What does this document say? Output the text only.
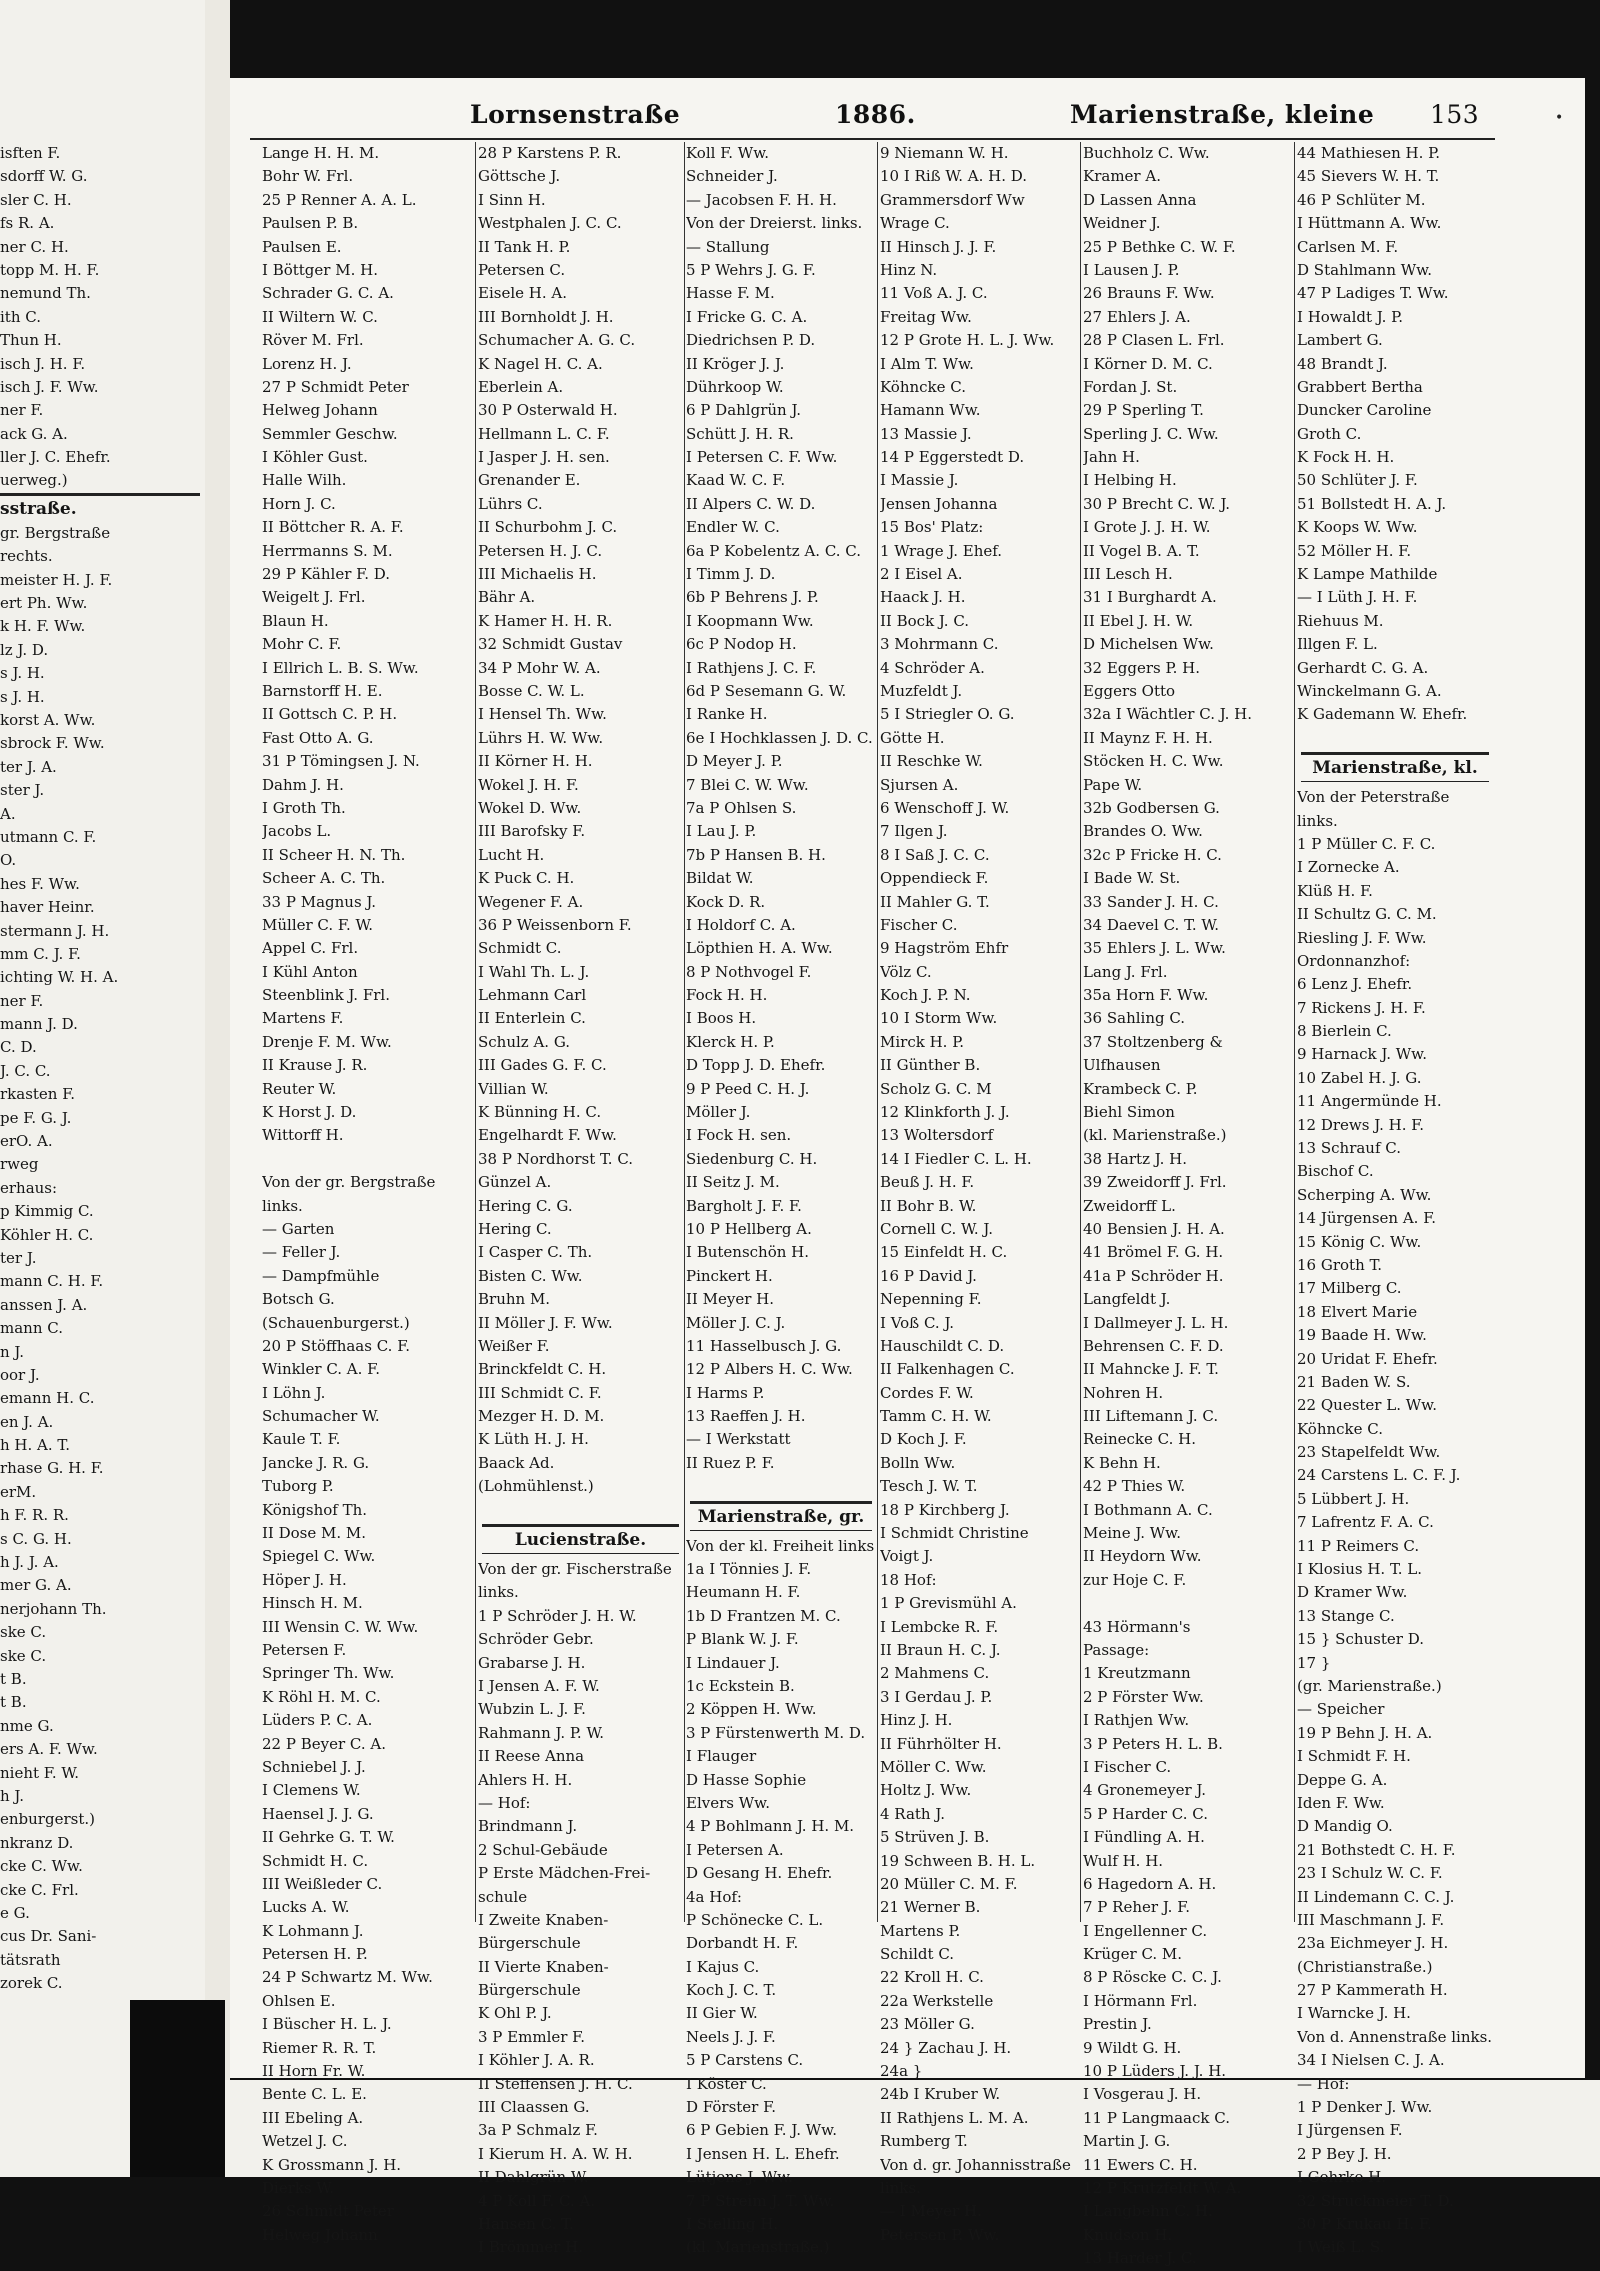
isften F.
sdorff W. G.
sler C. H.
fs R. A.
ner C. H.
topp M. H. F.
nemund Th.
ith C.
Thun H.
isch J. H. F.
isch J. F. Ww.
ner F.
ack G. A.
ller J. C. Ehefr.
uerweg.)
sstraße.
gr. Bergstraße
rechts.
meister H. J. F.
ert Ph. Ww.
k H. F. Ww.
lz J. D.
s J. H.
s J. H.
korst A. Ww.
sbrock F. Ww.
ter J. A.
ster J.
A.
utmann C. F.
O.
hes F. Ww.
haver Heinr.
stermann J. H.
mm C. J. F.
ichting W. H. A.
ner F.
mann J. D.
C. D.
J. C. C.
rkasten F.
pe F. G. J.
erO. A.
rweg
erhaus:
p Kimmig C.
Köhler H. C.
ter J.
mann C. H. F.
anssen J. A.
mann C.
n J.
oor J.
emann H. C.
en J. A.
h H. A. T.
rhase G. H. F.
erM.
h F. R. R.
s C. G. H.
h J. J. A.
mer G. A.
nerjohann Th.
ske C.
ske C.
t B.
t B.
nme G.
ers A. F. Ww.
nieht F. W.
h J.
enburgerst.)
nkranz D.
cke C. Ww.
cke C. Frl.
e G.
cus Dr. Sani-
tätsrath
zorek C.
Lornsenstraße	1886.	Marienstraße, kleine 153	•
Lange H. H. M.
Bohr W. Frl.
25 P Renner A. A. L.
Paulsen P. B.
Paulsen E.
I Böttger M. H.
Schrader G. C. A.
II Wiltern W. C.
Röver M. Frl.
Lorenz H. J.
27 P Schmidt Peter
Helweg Johann
Semmler Geschw.
I Köhler Gust.
Halle Wilh.
Horn J. C.
II Böttcher R. A. F.
Herrmanns S. M.
29 P Kähler F. D.
Weigelt J. Frl.
Blaun H.
Mohr C. F.
I Ellrich L. B. S. Ww.
Barnstorff H. E.
II Gottsch C. P. H.
Fast Otto A. G.
31 P Tömingsen J. N.
Dahm J. H.
I Groth Th.
Jacobs L.
II Scheer H. N. Th.
Scheer A. C. Th.
33 P Magnus J.
Müller C. F. W.
Appel C. Frl.
I Kühl Anton
Steenblink J. Frl.
Martens F.
Drenje F. M. Ww.
II Krause J. R.
Reuter W.
K Horst J. D.
Wittorff H.
Von der gr. Bergstraße
links.
— Garten
— Feller J.
— Dampfmühle
Botsch G.
(Schauenburgerst.)
20 P Stöffhaas C. F.
Winkler C. A. F.
I Löhn J.
Schumacher W.
Kaule T. F.
Jancke J. R. G.
Tuborg P.
Königshof Th.
II Dose M. M.
Spiegel C. Ww.
Höper J. H.
Hinsch H. M.
III Wensin C. W. Ww.
Petersen F.
Springer Th. Ww.
K Röhl H. M. C.
Lüders P. C. A.
22 P Beyer C. A.
Schniebel J. J.
I Clemens W.
Haensel J. J. G.
II Gehrke G. T. W.
Schmidt H. C.
III Weißleder C.
Lucks A. W.
K Lohmann J.
Petersen H. P.
24 P Schwartz M. Ww.
Ohlsen E.
I Büscher H. L. J.
Riemer R. R. T.
II Horn Fr. W.
Bente C. L. E.
III Ebeling A.
Wetzel J. C.
K Grossmann J. H.
Dierks W.
26 Schmidt Peter
Helweg Johann
28 P Karstens P. R.
Göttsche J.
I Sinn H.
Westphalen J. C. C.
II Tank H. P.
Petersen C.
Eisele H. A.
III Bornholdt J. H.
Schumacher A. G. C.
K Nagel H. C. A.
Eberlein A.
30 P Osterwald H.
Hellmann L. C. F.
I Jasper J. H. sen.
Grenander E.
Lührs C.
II Schurbohm J. C.
Petersen H. J. C.
III Michaelis H.
Bähr A.
K Hamer H. H. R.
32 Schmidt Gustav
34 P Mohr W. A.
Bosse C. W. L.
I Hensel Th. Ww.
Lührs H. W. Ww.
II Körner H. H.
Wokel J. H. F.
Wokel D. Ww.
III Barofsky F.
Lucht H.
K Puck C. H.
Wegener F. A.
36 P Weissenborn F.
Schmidt C.
I Wahl Th. L. J.
Lehmann Carl
II Enterlein C.
Schulz A. G.
III Gades G. F. C.
Villian W.
K Bünning H. C.
Engelhardt F. Ww.
38 P Nordhorst T. C.
Günzel A.
Hering C. G.
Hering C.
I Casper C. Th.
Bisten C. Ww.
Bruhn M.
II Möller J. F. Ww.
Weißer F.
Brinckfeldt C. H.
III Schmidt C. F.
Mezger H. D. M.
K Lüth H. J. H.
Baack Ad.
(Lohmühlenst.)
Lucienstraße.
Von der gr. Fischerstraße
links.
1 P Schröder J. H. W.
Schröder Gebr.
Grabarse J. H.
I Jensen A. F. W.
Wubzin L. J. F.
Rahmann J. P. W.
II Reese Anna
Ahlers H. H.
— Hof:
Brindmann J.
2 Schul-Gebäude
P Erste Mädchen-Frei-
schule
I Zweite Knaben-
Bürgerschule
II Vierte Knaben-
Bürgerschule
K Ohl P. J.
3 P Emmler F.
I Köhler J. A. R.
II Steffensen J. H. C.
III Claassen G.
3a P Schmalz F.
I Kierum H. A. W. H.
II Dahlgrün W.
4 P Koll F. C. A.
Hansen C. T.
I Brömmer H.
Koll F. Ww.
Schneider J.
— Jacobsen F. H. H.
Von der Dreierst. links.
— Stallung
5 P Wehrs J. G. F.
Hasse F. M.
I Fricke G. C. A.
Diedrichsen P. D.
II Kröger J. J.
Dührkoop W.
6 P Dahlgrün J.
Schütt J. H. R.
I Petersen C. F. Ww.
Kaad W. C. F.
II Alpers C. W. D.
Endler W. C.
6a P Kobelentz A. C. C.
I Timm J. D.
6b P Behrens J. P.
I Koopmann Ww.
6c P Nodop H.
I Rathjens J. C. F.
6d P Sesemann G. W.
I Ranke H.
6e I Hochklassen J. D. C.
D Meyer J. P.
7 Blei C. W. Ww.
7a P Ohlsen S.
I Lau J. P.
7b P Hansen B. H.
Bildat W.
Kock D. R.
I Holdorf C. A.
Löpthien H. A. Ww.
8 P Nothvogel F.
Fock H. H.
I Boos H.
Klerck H. P.
D Topp J. D. Ehefr.
9 P Peed C. H. J.
Möller J.
I Fock H. sen.
Siedenburg C. H.
II Seitz J. M.
Bargholt J. F. F.
10 P Hellberg A.
I Butenschön H.
Pinckert H.
II Meyer H.
Möller J. C. J.
11 Hasselbusch J. G.
12 P Albers H. C. Ww.
I Harms P.
13 Raeffen J. H.
— I Werkstatt
II Ruez P. F.
Marienstraße, gr.
Von der kl. Freiheit links
1a I Tönnies J. F.
Heumann H. F.
1b D Frantzen M. C.
P Blank W. J. F.
I Lindauer J.
1c Eckstein B.
2 Köppen H. Ww.
3 P Fürstenwerth M. D.
I Flauger
D Hasse Sophie
Elvers Ww.
4 P Bohlmann J. H. M.
I Petersen A.
D Gesang H. Ehefr.
4a Hof:
P Schönecke C. L.
Dorbandt H. F.
I Kajus C.
Koch J. C. T.
II Gier W.
Neels J. J. F.
5 P Carstens C.
I Köster C.
D Förster F.
6 P Gebien F. J. Ww.
I Jensen H. L. Ehefr.
Lütjens J. Ww.
7 P Streim J. T. Ww.
I Stelling H.
(kl. Marienstraße.)
9 Niemann W. H.
10 I Riß W. A. H. D.
Grammersdorf Ww
Wrage C.
II Hinsch J. J. F.
Hinz N.
11 Voß A. J. C.
Freitag Ww.
12 P Grote H. L. J. Ww.
I Alm T. Ww.
Köhncke C.
Hamann Ww.
13 Massie J.
14 P Eggerstedt D.
I Massie J.
Jensen Johanna
15 Bos' Platz:
1 Wrage J. Ehef.
2 I Eisel A.
Haack J. H.
II Bock J. C.
3 Mohrmann C.
4 Schröder A.
Muzfeldt J.
5 I Striegler O. G.
Götte H.
II Reschke W.
Sjursen A.
6 Wenschoff J. W.
7 Ilgen J.
8 I Saß J. C. C.
Oppendieck F.
II Mahler G. T.
Fischer C.
9 Hagström Ehfr
Völz C.
Koch J. P. N.
10 I Storm Ww.
Mirck H. P.
II Günther B.
Scholz G. C. M
12 Klinkforth J. J.
13 Woltersdorf
14 I Fiedler C. L. H.
Beuß J. H. F.
II Bohr B. W.
Cornell C. W. J.
15 Einfeldt H. C.
16 P David J.
Nepenning F.
I Voß C. J.
Hauschildt C. D.
II Falkenhagen C.
Cordes F. W.
Tamm C. H. W.
D Koch J. F.
Bolln Ww.
Tesch J. W. T.
18 P Kirchberg J.
I Schmidt Christine
Voigt J.
18 Hof:
1 P Grevismühl A.
I Lembcke R. F.
II Braun H. C. J.
2 Mahmens C.
3 I Gerdau J. P.
Hinz J. H.
II Führhölter H.
Möller C. Ww.
Holtz J. Ww.
4 Rath J.
5 Strüven J. B.
19 Schween B. H. L.
20 Müller C. M. F.
21 Werner B.
Martens P.
Schildt C.
22 Kroll H. C.
22a Werkstelle
23 Möller G.
24 } Zachau J. H.
24a }
24b I Kruber W.
II Rathjens L. M. A.
Rumberg T.
Von d. gr. Johannisstraße
links.
— I Meyer H.
Petersen P. Ww.
Buchholz C. Ww.
Kramer A.
D Lassen Anna
Weidner J.
25 P Bethke C. W. F.
I Lausen J. P.
26 Brauns F. Ww.
27 Ehlers J. A.
28 P Clasen L. Frl.
I Körner D. M. C.
Fordan J. St.
29 P Sperling T.
Sperling J. C. Ww.
Jahn H.
I Helbing H.
30 P Brecht C. W. J.
I Grote J. J. H. W.
II Vogel B. A. T.
III Lesch H.
31 I Burghardt A.
II Ebel J. H. W.
D Michelsen Ww.
32 Eggers P. H.
Eggers Otto
32a I Wächtler C. J. H.
II Maynz F. H. H.
Stöcken H. C. Ww.
Pape W.
32b Godbersen G.
Brandes O. Ww.
32c P Fricke H. C.
I Bade W. St.
33 Sander J. H. C.
34 Daevel C. T. W.
35 Ehlers J. L. Ww.
Lang J. Frl.
35a Horn F. Ww.
36 Sahling C.
37 Stoltzenberg &
Ulfhausen
Krambeck C. P.
Biehl Simon
(kl. Marienstraße.)
38 Hartz J. H.
39 Zweidorff J. Frl.
Zweidorff L.
40 Bensien J. H. A.
41 Brömel F. G. H.
41a P Schröder H.
Langfeldt J.
I Dallmeyer J. L. H.
Behrensen C. F. D.
II Mahncke J. F. T.
Nohren H.
III Liftemann J. C.
Reinecke C. H.
K Behn H.
42 P Thies W.
I Bothmann A. C.
Meine J. Ww.
II Heydorn Ww.
zur Hoje C. F.
43 Hörmann's
Passage:
1 Kreutzmann
2 P Förster Ww.
I Rathjen Ww.
3 P Peters H. L. B.
I Fischer C.
4 Gronemeyer J.
5 P Harder C. C.
I Fündling A. H.
Wulf H. H.
6 Hagedorn A. H.
7 P Reher J. F.
I Engellenner C.
Krüger C. M.
8 P Röscke C. C. J.
I Hörmann Frl.
Prestin J.
9 Wildt G. H.
10 P Lüders J. J. H.
I Vosgerau J. H.
11 P Langmaack C.
Martin J. G.
11 Ewers C. H.
12 P Krutzfeldt W. A.
I Langbehn C. H.
Knudson H.
13 Harder J. C.
44 Mathiesen H. P.
45 Sievers W. H. T.
46 P Schlüter M.
I Hüttmann A. Ww.
Carlsen M. F.
D Stahlmann Ww.
47 P Ladiges T. Ww.
I Howaldt J. P.
Lambert G.
48 Brandt J.
Grabbert Bertha
Duncker Caroline
Groth C.
K Fock H. H.
50 Schlüter J. F.
51 Bollstedt H. A. J.
K Koops W. Ww.
52 Möller H. F.
K Lampe Mathilde
— I Lüth J. H. F.
Riehuus M.
Illgen F. L.
Gerhardt C. G. A.
Winckelmann G. A.
K Gademann W. Ehefr.
Marienstraße, kl.
Von der Peterstraße
links.
1 P Müller C. F. C.
I Zornecke A.
Klüß H. F.
II Schultz G. C. M.
Riesling J. F. Ww.
Ordonnanzhof:
6 Lenz J. Ehefr.
7 Rickens J. H. F.
8 Bierlein C.
9 Harnack J. Ww.
10 Zabel H. J. G.
11 Angermünde H.
12 Drews J. H. F.
13 Schrauf C.
Bischof C.
Scherping A. Ww.
14 Jürgensen A. F.
15 König C. Ww.
16 Groth T.
17 Milberg C.
18 Elvert Marie
19 Baade H. Ww.
20 Uridat F. Ehefr.
21 Baden W. S.
22 Quester L. Ww.
Köhncke C.
23 Stapelfeldt Ww.
24 Carstens L. C. F. J.
5 Lübbert J. H.
7 Lafrentz F. A. C.
11 P Reimers C.
I Klosius H. T. L.
D Kramer Ww.
13 Stange C.
15 } Schuster D.
17 }
(gr. Marienstraße.)
— Speicher
19 P Behn J. H. A.
I Schmidt F. H.
Deppe G. A.
Iden F. Ww.
D Mandig O.
21 Bothstedt C. H. F.
23 I Schulz W. C. F.
II Lindemann C. C. J.
III Maschmann J. F.
23a Eichmeyer J. H.
(Christianstraße.)
27 P Kammerath H.
I Warncke J. H.
Von d. Annenstraße links.
34 I Nielsen C. J. A.
— Hof:
1 P Denker J. Ww.
I Jürgensen F.
2 P Bey J. H.
I Gehrke H.
32 Struckmeier T. D.
30 P Krukau H. F.
I Weiß L. S.
